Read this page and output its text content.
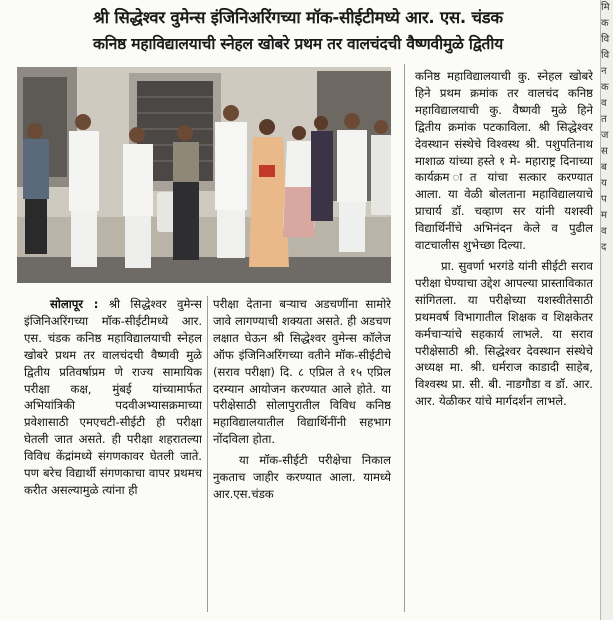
श्री सिद्धेश्वर वुमेन्स इंजिनिअरिंगच्या मॉक-सीईटीमध्ये आर. एस. चंडक
कनिष्ठ महाविद्यालयाची स्नेहल खोबरे प्रथम तर वालचंदची वैष्णवीमुळे द्वितीय

सोलापूर : श्री सिद्धेश्वर वुमेन्स इंजिनिअरिंगच्या मॉक-सीईटीमध्ये आर. एस. चंडक कनिष्ठ महाविद्यालयाची स्नेहल खोबरे प्रथम तर वालचंदची वैष्णवी मुळे द्वितीय प्रतिवर्षाप्रम णे राज्य सामायिक परीक्षा कक्ष, मुंबई यांच्यामार्फत अभियांत्रिकी पदवीअभ्यासक्रमाच्या प्रवेशासाठी एमएचटी-सीईटी ही परीक्षा घेतली जात असते. ही परीक्षा शहरातल्या विविध केंद्रांमध्ये संगणकावर घेतली जाते. पण बरेच विद्यार्थी संगणकाचा वापर प्रथमच करीत असल्यामुळे त्यांना ही

परीक्षा देताना बऱ्याच अडचणींना सामोरे जावे लागण्याची शक्यता असते. ही अडचण लक्षात घेऊन श्री सिद्धेश्वर वुमेन्स कॉलेज ऑफ इंजिनिअरिंगच्या वतीने मॉक-सीईटीचे (सराव परीक्षा) दि. ८ एप्रिल ते १५ एप्रिल दरम्यान आयोजन करण्यात आले होते. या परीक्षेसाठी सोलापुरातील विविध कनिष्ठ महाविद्यालयातील विद्यार्थिनींनी सहभाग नोंदविला होता.

या मॉक-सीईटी परीक्षेचा निकाल नुकताच जाहीर करण्यात आला. यामध्ये आर.एस.चंडक

कनिष्ठ महाविद्यालयाची कु. स्नेहल खोबरे हिने प्रथम क्रमांक तर वालचंद कनिष्ठ महाविद्यालयाची कु. वैष्णवी मुळे हिने द्वितीय क्रमांक पटकाविला. श्री सिद्धेश्वर देवस्थान संस्थेचे विश्वस्थ श्री. पशुपतिनाथ माशाळ यांच्या हस्ते १ मे- महाराष्ट्र दिनाच्या कार्यक्रम ात यांचा सत्कार करण्यात आला. या वेळी बोलताना महाविद्यालयाचे प्राचार्य डॉ. चव्हाण सर यांनी यशस्वी विद्यार्थिनींचे अभिनंदन केले व पुढील वाटचालीस शुभेच्छा दिल्या.

प्रा. सुवर्णा भरगंडे यांनी सीईटी सराव परीक्षा घेण्याचा उद्देश आपल्या प्रास्ताविकात सांगितला. या परीक्षेच्या यशस्वीतेसाठी प्रथमवर्ष विभागातील शिक्षक व शिक्षकेतर कर्मचाऱ्यांचे सहकार्य लाभले. या सराव परीक्षेसाठी श्री. सिद्धेश्वर देवस्थान संस्थेचे अध्यक्ष मा. श्री. धर्मराज काडादी साहेब, विश्वस्थ प्रा. सी. बी. नाडगौडा व डॉ. आर. आर. येळीकर यांचे मार्गदर्शन लाभले.

मि क वि वि न क व त ज स ब य प म व द
